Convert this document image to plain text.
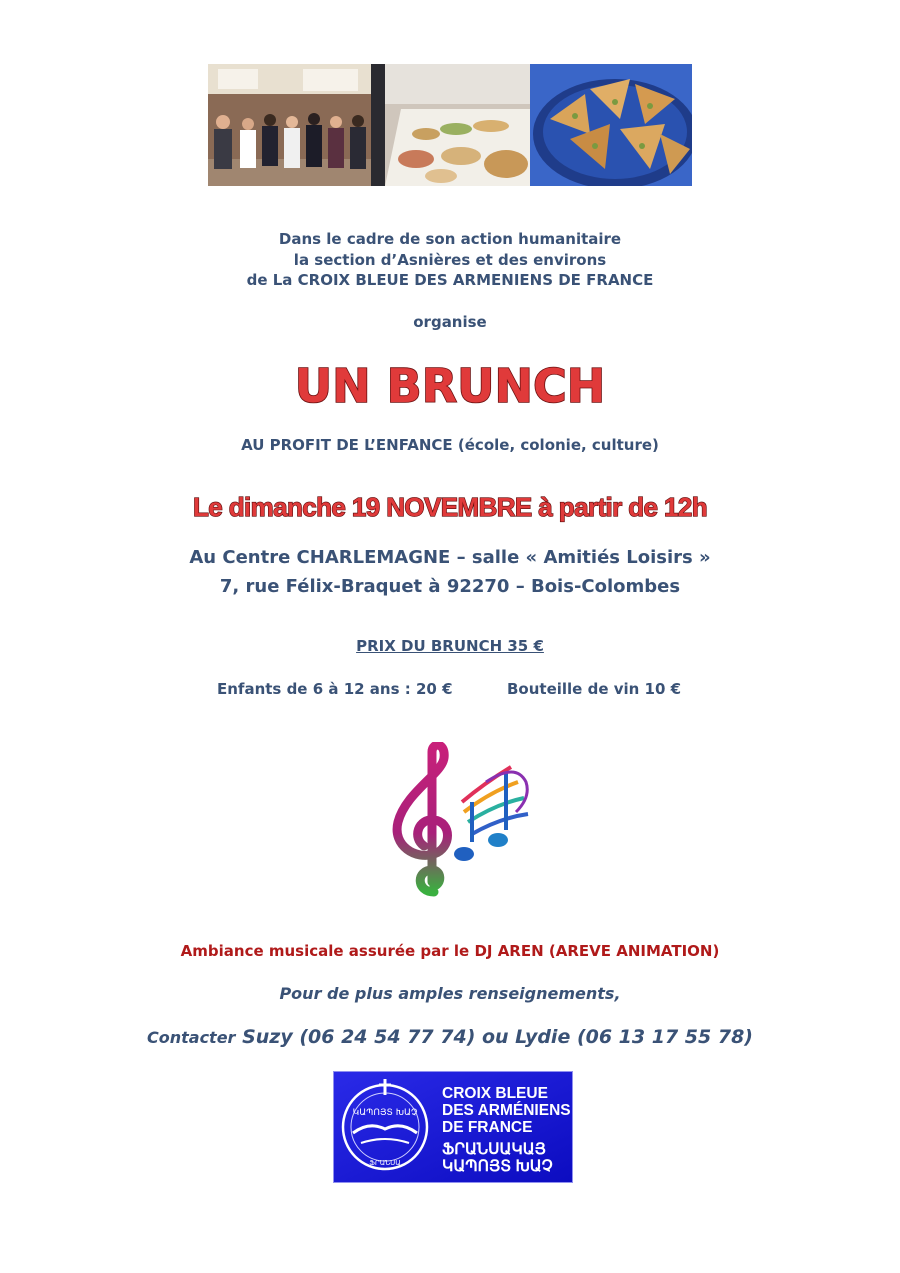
Dans le cadre de son action humanitaire
la section d’Asnières et des environs
de La CROIX BLEUE DES ARMENIENS DE FRANCE
organise
UN BRUNCH
AU PROFIT DE L’ENFANCE (école, colonie, culture)
Le dimanche 19 NOVEMBRE à partir de 12h
Au Centre CHARLEMAGNE – salle « Amitiés Loisirs »
7, rue Félix-Braquet à 92270 – Bois-Colombes
PRIX DU BRUNCH 35 €
Enfants de 6 à 12 ans : 20 €	Bouteille de vin 10 €
Ambiance musicale assurée par le DJ AREN (AREVE ANIMATION)
Pour de plus amples renseignements,
Contacter Suzy (06 24 54 77 74) ou Lydie (06 13 17 55 78)
ԿԱՊՈՅՏ ԽԱՉ
ՖՐԱՆՍԱ
CROIX BLEUE
DES ARMÉNIENS
DE FRANCE
ՖՐԱՆՍԱԿԱՅ
ԿԱՊՈՅՏ ԽԱՉ
